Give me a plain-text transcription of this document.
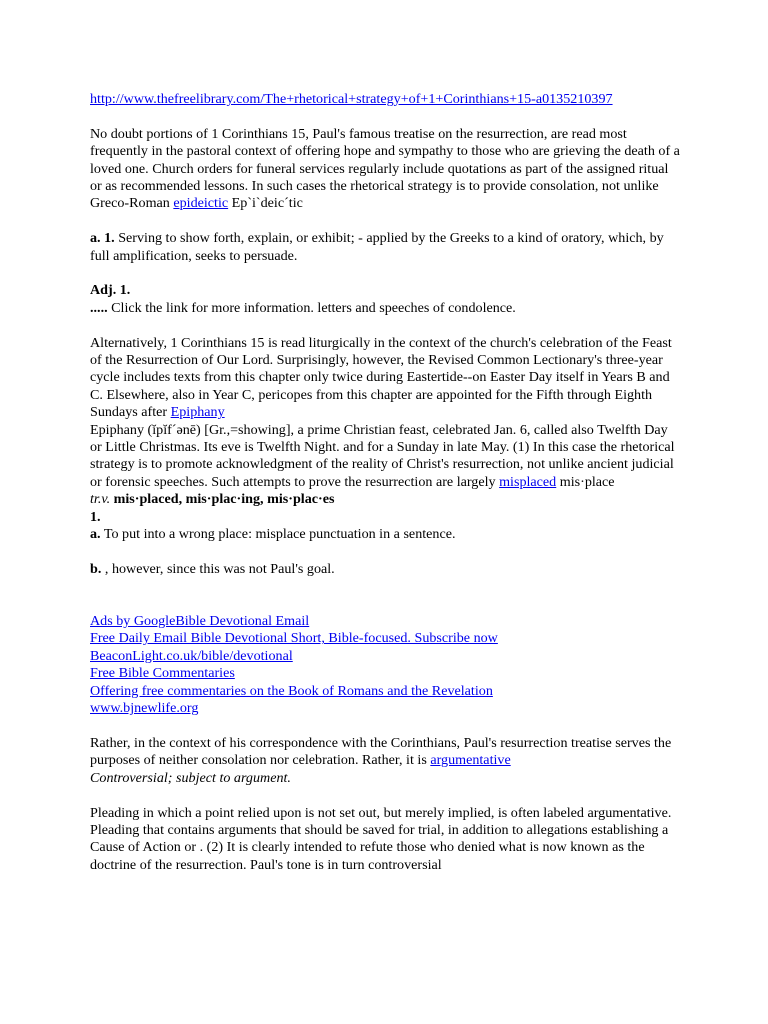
http://www.thefreelibrary.com/The+rhetorical+strategy+of+1+Corinthians+15-a0135210397

No doubt portions of 1 Corinthians 15, Paul's famous treatise on the resurrection, are read most frequently in the pastoral context of offering hope and sympathy to those who are grieving the death of a loved one. Church orders for funeral services regularly include quotations as part of the assigned ritual or as recommended lessons. In such cases the rhetorical strategy is to provide consolation, not unlike Greco-Roman epideictic Ep`i`deic´tic

a. 1. Serving to show forth, explain, or exhibit; - applied by the Greeks to a kind of oratory, which, by full amplification, seeks to persuade.

Adj. 1.

..... Click the link for more information. letters and speeches of condolence.

Alternatively, 1 Corinthians 15 is read liturgically in the context of the church's celebration of the Feast of the Resurrection of Our Lord. Surprisingly, however, the Revised Common Lectionary's three-year cycle includes texts from this chapter only twice during Eastertide--on Easter Day itself in Years B and C. Elsewhere, also in Year C, pericopes from this chapter are appointed for the Fifth through Eighth Sundays after Epiphany

Epiphany (ĭpĭf´ənē) [Gr.,=showing], a prime Christian feast, celebrated Jan. 6, called also Twelfth Day or Little Christmas. Its eve is Twelfth Night. and for a Sunday in late May. (1) In this case the rhetorical strategy is to promote acknowledgment of the reality of Christ's resurrection, not unlike ancient judicial or forensic speeches. Such attempts to prove the resurrection are largely misplaced mis·place

tr.v. mis·placed, mis·plac·ing, mis·plac·es

1.

a. To put into a wrong place: misplace punctuation in a sentence.

b. , however, since this was not Paul's goal.

Ads by GoogleBible Devotional Email

Free Daily Email Bible Devotional Short, Bible-focused. Subscribe now

BeaconLight.co.uk/bible/devotional

Free Bible Commentaries

Offering free commentaries on the Book of Romans and the Revelation

www.bjnewlife.org

Rather, in the context of his correspondence with the Corinthians, Paul's resurrection treatise serves the purposes of neither consolation nor celebration. Rather, it is argumentative

Controversial; subject to argument.

Pleading in which a point relied upon is not set out, but merely implied, is often labeled argumentative. Pleading that contains arguments that should be saved for trial, in addition to allegations establishing a Cause of Action or . (2) It is clearly intended to refute those who denied what is now known as the doctrine of the resurrection. Paul's tone is in turn controversial
